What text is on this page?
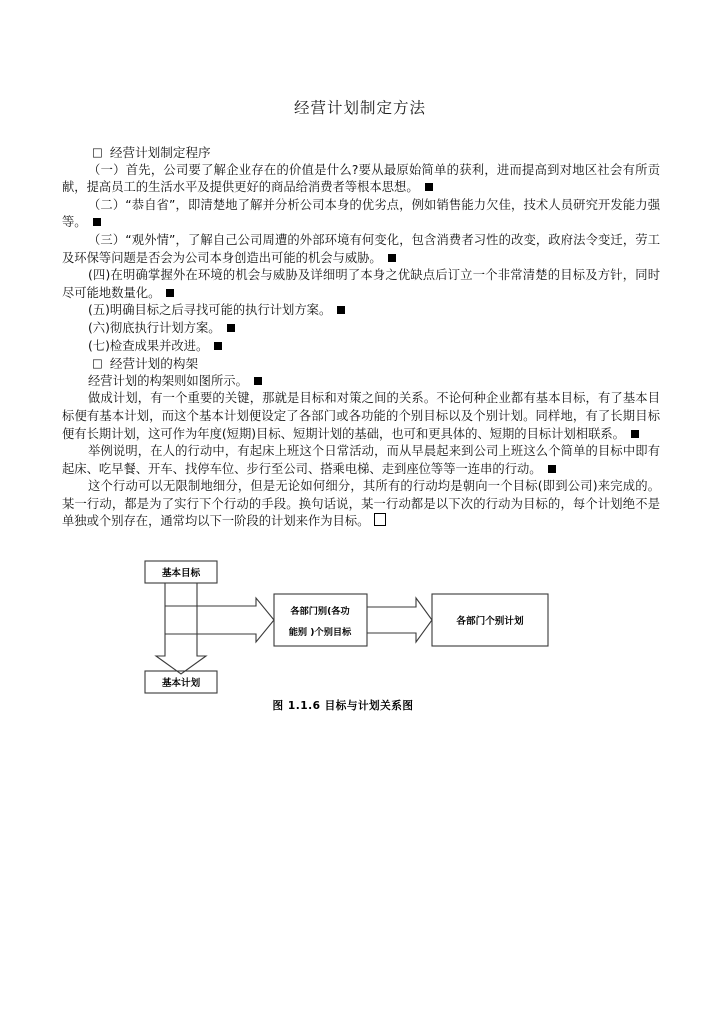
经营计划制定方法
□ 经营计划制定程序

（一）首先，公司要了解企业存在的价值是什么?要从最原始简单的获利，进而提高到对地区社会有所贡献，提高员工的生活水平及提供更好的商品给消费者等根本思想。

（二）“恭自省”，即清楚地了解并分析公司本身的优劣点，例如销售能力欠佳，技术人员研究开发能力强等。

（三）“观外情”，了解自己公司周遭的外部环境有何变化，包含消费者习性的改变，政府法令变迁，劳工及环保等问题是否会为公司本身创造出可能的机会与威胁。

(四)在明确掌握外在环境的机会与威胁及详细明了本身之优缺点后订立一个非常清楚的目标及方针，同时尽可能地数量化。

(五)明确目标之后寻找可能的执行计划方案。

(六)彻底执行计划方案。

(七)检查成果并改进。

□ 经营计划的构架

经营计划的构架则如图所示。

做成计划，有一个重要的关键，那就是目标和对策之间的关系。不论何种企业都有基本目标，有了基本目标便有基本计划，而这个基本计划便设定了各部门或各功能的个别目标以及个别计划。同样地，有了长期目标便有长期计划，这可作为年度(短期)目标、短期计划的基础，也可和更具体的、短期的目标计划相联系。

举例说明，在人的行动中，有起床上班这个日常活动，而从早晨起来到公司上班这么个简单的目标中即有起床、吃早餐、开车、找停车位、步行至公司、搭乘电梯、走到座位等等一连串的行动。

这个行动可以无限制地细分，但是无论如何细分，其所有的行动均是朝向一个目标(即到公司)来完成的。某一行动，都是为了实行下个行动的手段。换句话说，某一行动都是以下次的行动为目标的，每个计划绝不是单独或个别存在，通常均以下一阶段的计划来作为目标。

基本目标
基本计划
各部门别(各功
能别 )个别目标
各部门个别计划
图 1.1.6 目标与计划关系图
